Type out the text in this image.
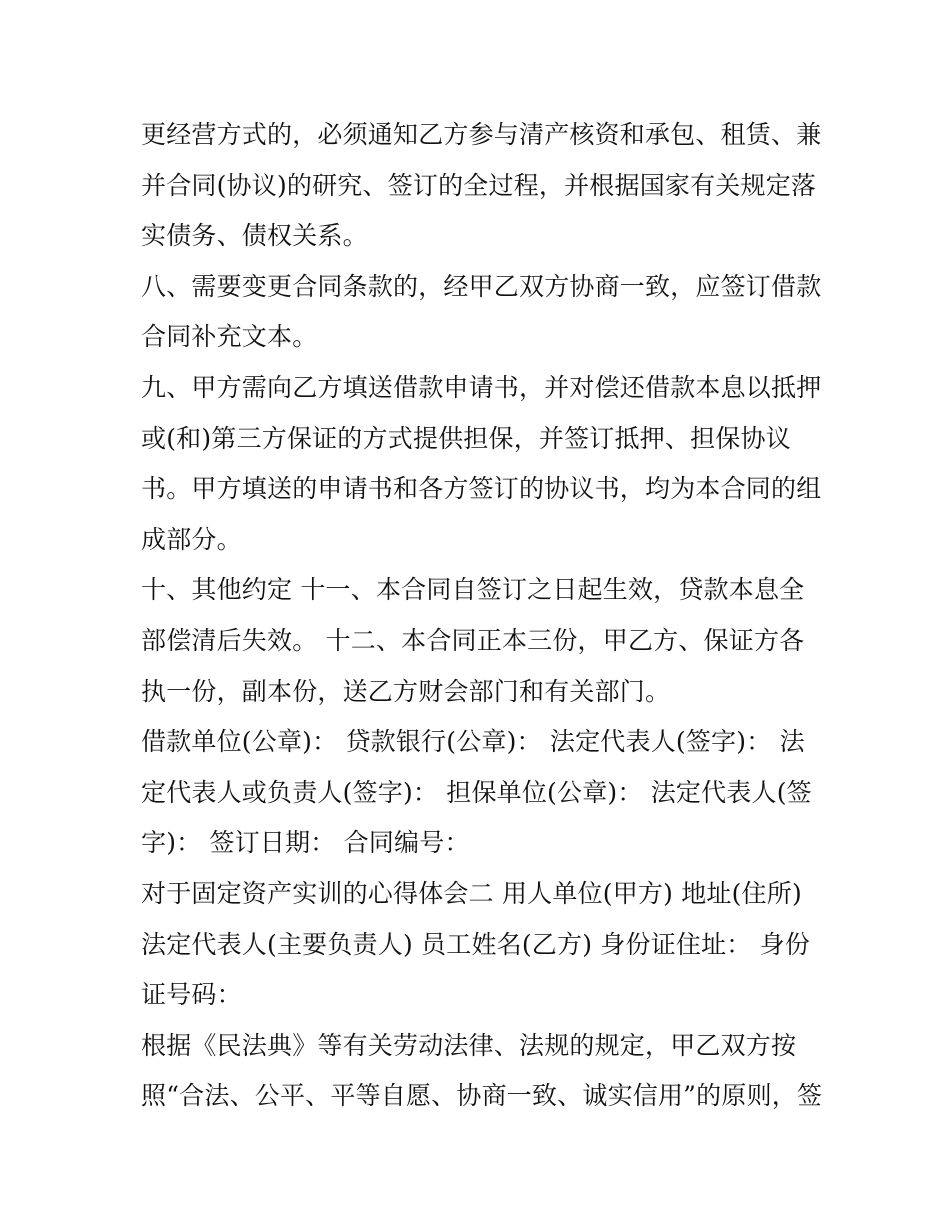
更经营方式的，必须通知乙方参与清产核资和承包、租赁、兼
并合同(协议)的研究、签订的全过程，并根据国家有关规定落
实债务、债权关系。
八、需要变更合同条款的，经甲乙双方协商一致，应签订借款
合同补充文本。
九、甲方需向乙方填送借款申请书，并对偿还借款本息以抵押
或(和)第三方保证的方式提供担保，并签订抵押、担保协议
书。甲方填送的申请书和各方签订的协议书，均为本合同的组
成部分。
十、其他约定 十一、本合同自签订之日起生效，贷款本息全
部偿清后失效。 十二、本合同正本三份，甲乙方、保证方各
执一份，副本份，送乙方财会部门和有关部门。
借款单位(公章)： 贷款银行(公章)： 法定代表人(签字)： 法
定代表人或负责人(签字)： 担保单位(公章)： 法定代表人(签
字)： 签订日期： 合同编号：
对于固定资产实训的心得体会二 用人单位(甲方) 地址(住所)
法定代表人(主要负责人) 员工姓名(乙方) 身份证住址： 身份
证号码：
根据《民法典》等有关劳动法律、法规的规定，甲乙双方按
照“合法、公平、平等自愿、协商一致、诚实信用”的原则，签
